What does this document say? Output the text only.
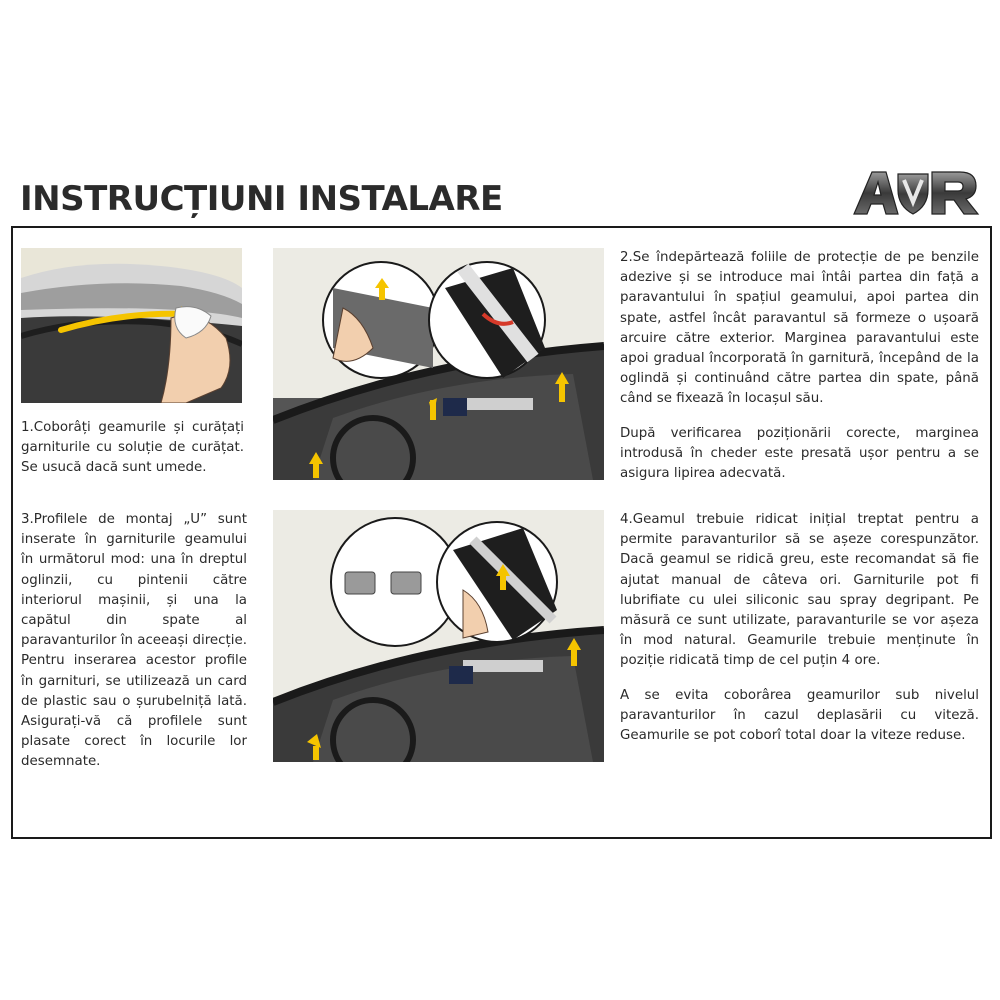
INSTRUCȚIUNI INSTALARE

1.Coborâți geamurile și curățați garniturile cu soluție de curățat. Se usucă dacă sunt umede.

2.Se îndepărtează foliile de protecție de pe benzile adezive și se introduce mai întâi partea din față a paravantului în spațiul geamului, apoi partea din spate, astfel încât paravantul să formeze o ușoară arcuire către exterior. Marginea paravantului este apoi gradual încorporată în garnitură, începând de la oglindă și continuând către partea din spate, până când se fixează în locașul său.

După verificarea poziționării corecte, marginea introdusă în cheder este presată ușor pentru a se asigura lipirea adecvată.

3.Profilele de montaj „U” sunt inserate în garniturile geamului în următorul mod: una în dreptul oglinzii, cu pintenii către interiorul mașinii, și una la capătul din spate al paravanturilor în aceeași direcție. Pentru inserarea acestor profile în garnituri, se utilizează un card de plastic sau o șurubelniță lată. Asigurați-vă că profilele sunt plasate corect în locurile lor desemnate.

4.Geamul trebuie ridicat inițial treptat pentru a permite paravanturilor să se așeze corespunzător. Dacă geamul se ridică greu, este recomandat să fie ajutat manual de câteva ori. Garniturile pot fi lubrifiate cu ulei siliconic sau spray degripant. Pe măsură ce sunt utilizate, paravanturile se vor așeza în mod natural. Geamurile trebuie menținute în poziție ridicată timp de cel puțin 4 ore.

A se evita coborârea geamurilor sub nivelul paravanturilor în cazul deplasării cu viteză. Geamurile se pot coborî total doar la viteze reduse.
